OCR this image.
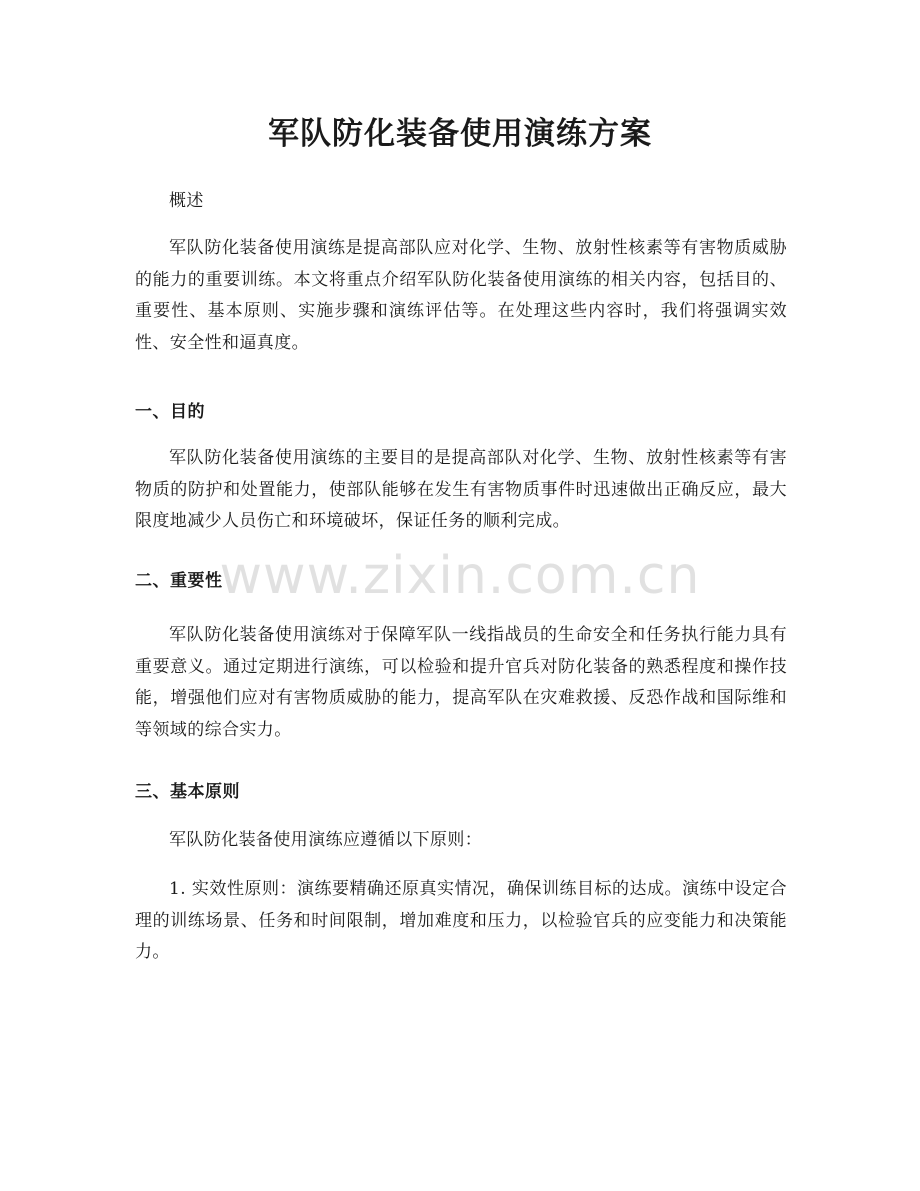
军队防化装备使用演练方案

概述

军队防化装备使用演练是提高部队应对化学、生物、放射性核素等有害物质威胁的能力的重要训练。本文将重点介绍军队防化装备使用演练的相关内容，包括目的、重要性、基本原则、实施步骤和演练评估等。在处理这些内容时，我们将强调实效性、安全性和逼真度。

一、目的

军队防化装备使用演练的主要目的是提高部队对化学、生物、放射性核素等有害物质的防护和处置能力，使部队能够在发生有害物质事件时迅速做出正确反应，最大限度地减少人员伤亡和环境破坏，保证任务的顺利完成。

二、重要性

军队防化装备使用演练对于保障军队一线指战员的生命安全和任务执行能力具有重要意义。通过定期进行演练，可以检验和提升官兵对防化装备的熟悉程度和操作技能，增强他们应对有害物质威胁的能力，提高军队在灾难救援、反恐作战和国际维和等领域的综合实力。

三、基本原则

军队防化装备使用演练应遵循以下原则：

1. 实效性原则：演练要精确还原真实情况，确保训练目标的达成。演练中设定合理的训练场景、任务和时间限制，增加难度和压力，以检验官兵的应变能力和决策能力。

www.zixin.com.cn
